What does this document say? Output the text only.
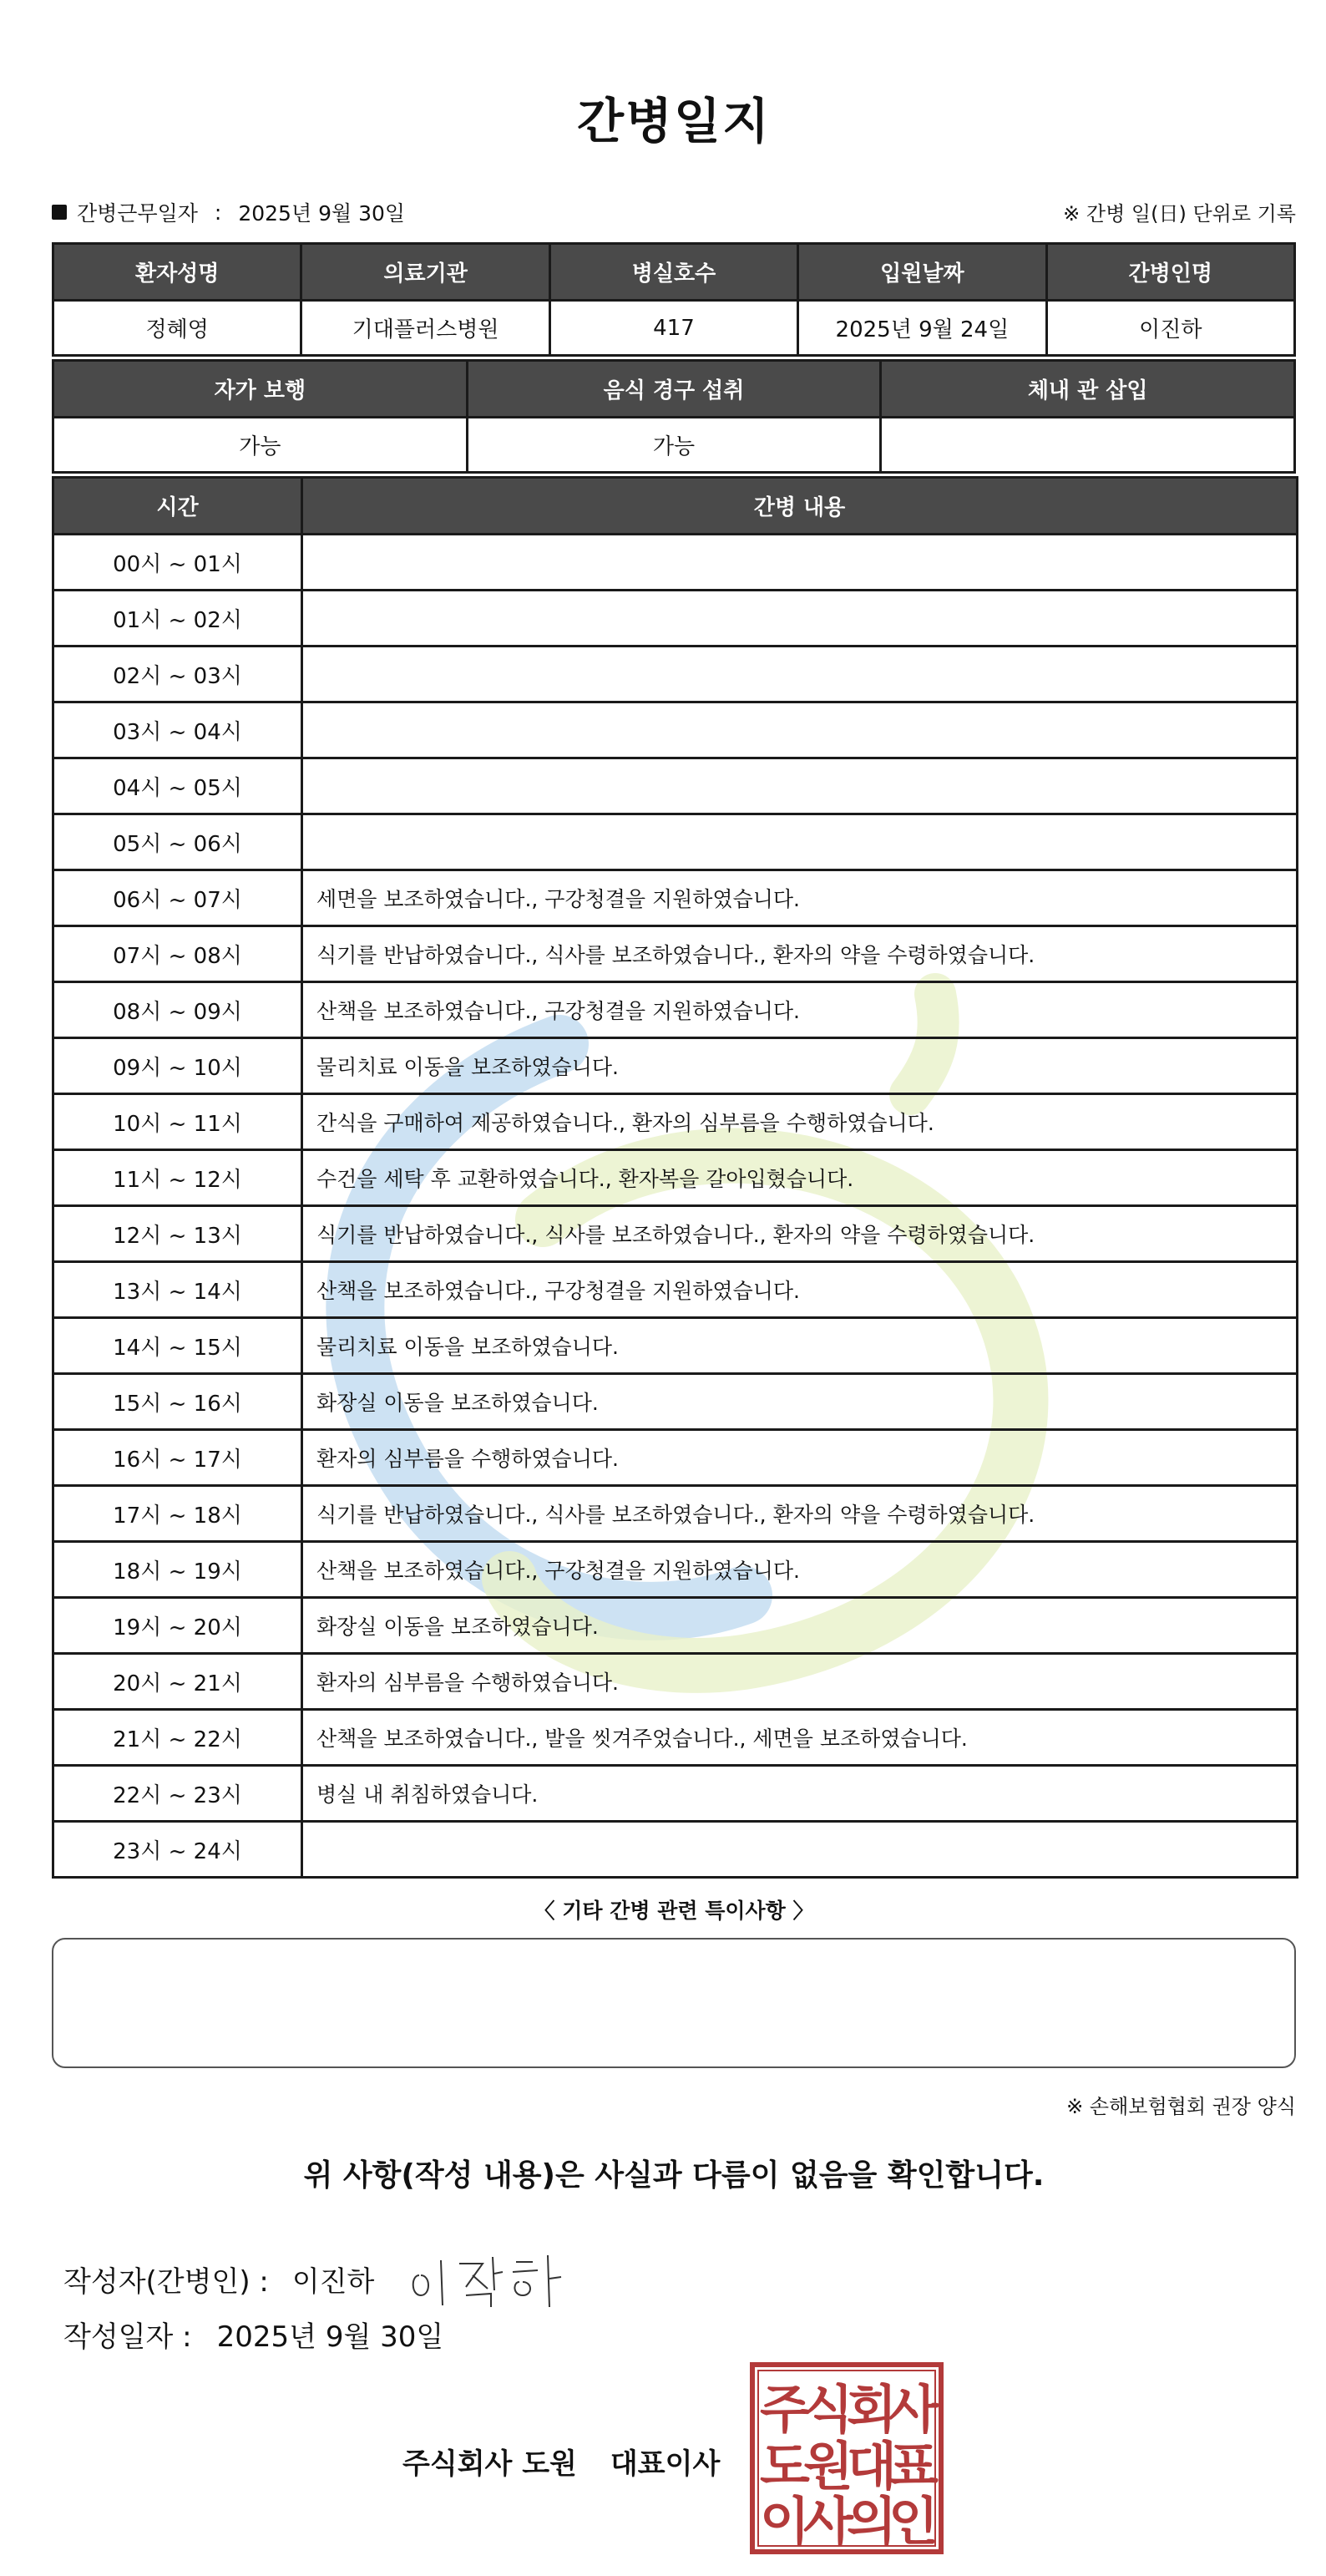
간병일지
간병근무일자 : 2025년 9월 30일	※ 간병 일(日) 단위로 기록
환자성명	의료기관	병실호수	입원날짜	간병인명
정혜영	기대플러스병원	417	2025년 9월 24일	이진하
자가 보행	음식 경구 섭취	체내 관 삽입
가능	가능	
시간	간병 내용
00시 ~ 01시	
01시 ~ 02시	
02시 ~ 03시	
03시 ~ 04시	
04시 ~ 05시	
05시 ~ 06시	
06시 ~ 07시	세면을 보조하였습니다., 구강청결을 지원하였습니다.
07시 ~ 08시	식기를 반납하였습니다., 식사를 보조하였습니다., 환자의 약을 수령하였습니다.
08시 ~ 09시	산책을 보조하였습니다., 구강청결을 지원하였습니다.
09시 ~ 10시	물리치료 이동을 보조하였습니다.
10시 ~ 11시	간식을 구매하여 제공하였습니다., 환자의 심부름을 수행하였습니다.
11시 ~ 12시	수건을 세탁 후 교환하였습니다., 환자복을 갈아입혔습니다.
12시 ~ 13시	식기를 반납하였습니다., 식사를 보조하였습니다., 환자의 약을 수령하였습니다.
13시 ~ 14시	산책을 보조하였습니다., 구강청결을 지원하였습니다.
14시 ~ 15시	물리치료 이동을 보조하였습니다.
15시 ~ 16시	화장실 이동을 보조하였습니다.
16시 ~ 17시	환자의 심부름을 수행하였습니다.
17시 ~ 18시	식기를 반납하였습니다., 식사를 보조하였습니다., 환자의 약을 수령하였습니다.
18시 ~ 19시	산책을 보조하였습니다., 구강청결을 지원하였습니다.
19시 ~ 20시	화장실 이동을 보조하였습니다.
20시 ~ 21시	환자의 심부름을 수행하였습니다.
21시 ~ 22시	산책을 보조하였습니다., 발을 씻겨주었습니다., 세면을 보조하였습니다.
22시 ~ 23시	병실 내 취침하였습니다.
23시 ~ 24시	
〈 기타 간병 관련 특이사항 〉
※ 손해보험협회 권장 양식
위 사항(작성 내용)은 사실과 다름이 없음을 확인합니다.
작성자(간병인) : 이진하
작성일자 : 2025년 9월 30일
주식회사 도원 대표이사
주
식
회
사
도
원
대
표
이
사
의
인
